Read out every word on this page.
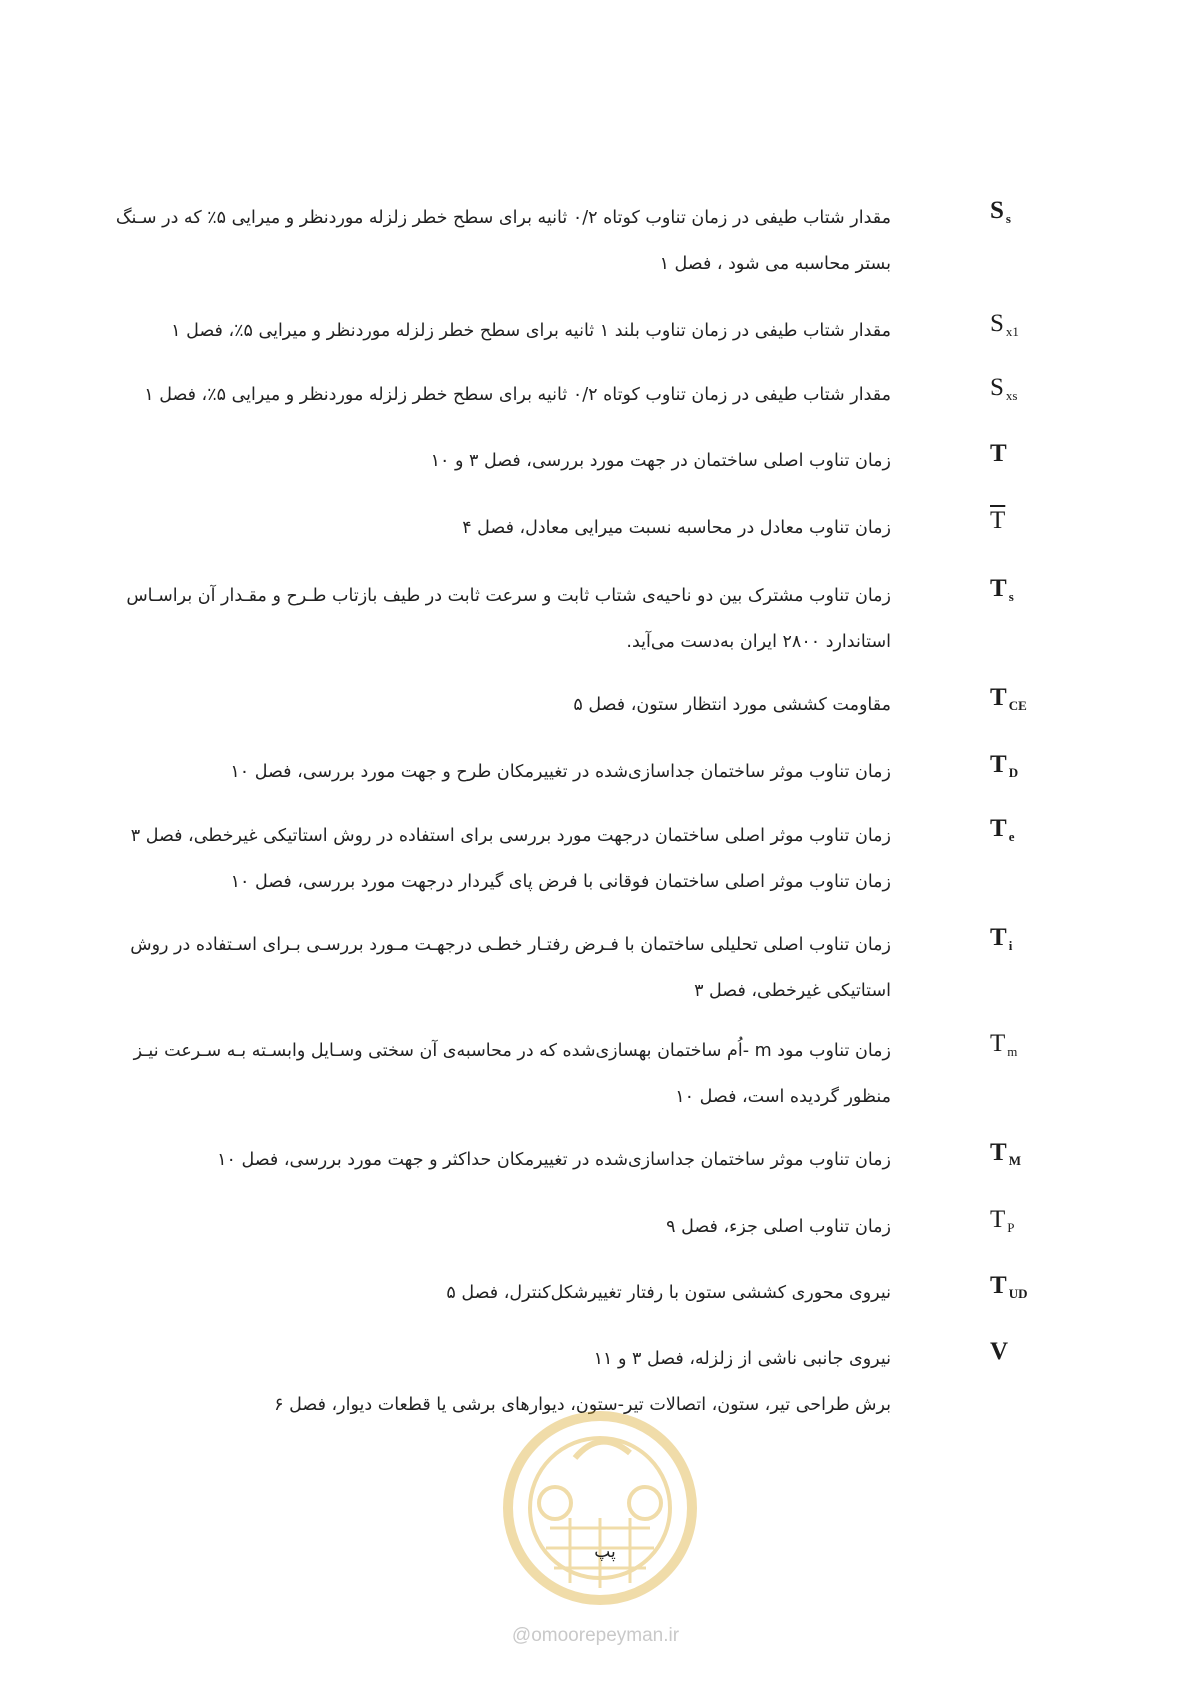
S $_s$
مقدار شتاب طیفی در زمان تناوب کوتاه ۰/۲ ثانیه برای سطح خطر زلزله موردنظر و میرایی ۵٪ که در سـنگ
بستر محاسبه می شود ، فصل ۱
S $_{x1}$
مقدار شتاب طیفی در زمان تناوب بلند ۱ ثانیه برای سطح خطر زلزله موردنظر و میرایی ۵٪، فصل ۱
S $_{xs}$
مقدار شتاب طیفی در زمان تناوب کوتاه ۰/۲ ثانیه برای سطح خطر زلزله موردنظر و میرایی ۵٪، فصل ۱
T
زمان تناوب اصلی ساختمان در جهت مورد بررسی، فصل ۳ و ۱۰
$\overline{T}$
زمان تناوب معادل در محاسبه نسبت میرایی معادل، فصل ۴
T $_s$
زمان تناوب مشترک بین دو ناحیه‌ی شتاب ثابت و سرعت ثابت در طیف بازتاب طـرح و مقـدار آن براسـاس
استاندارد ۲۸۰۰ ایران به‌دست می‌آید.
T $_{CE}$
مقاومت کششی مورد انتظار ستون، فصل ۵
T $_D$
زمان تناوب موثر ساختمان جداسازی‌شده در تغییرمکان طرح و جهت مورد بررسی، فصل ۱۰
T $_e$
زمان تناوب موثر اصلی ساختمان درجهت مورد بررسی برای استفاده در روش استاتیکی غیرخطی، فصل ۳
زمان تناوب موثر اصلی ساختمان فوقانی با فرض پای گیردار درجهت مورد بررسی، فصل ۱۰
T $_i$
زمان تناوب اصلی تحلیلی ساختمان با فـرض رفتـار خطـی درجهـت مـورد بررسـی بـرای اسـتفاده در روش
استاتیکی غیرخطی، فصل ۳
T $_m$
زمان تناوب مود m -اُم ساختمان بهسازی‌شده که در محاسبه‌ی آن سختی وسـایل وابسـته بـه سـرعت نیـز
منظور گردیده است، فصل ۱۰
T $_M$
زمان تناوب موثر ساختمان جداسازی‌شده در تغییرمکان حداکثر و جهت مورد بررسی، فصل ۱۰
T $_P$
زمان تناوب اصلی جزء، فصل ۹
T $_{UD}$
نیروی محوری کششی ستون با رفتار تغییرشکل‌کنترل، فصل ۵
V
نیروی جانبی ناشی از زلزله، فصل ۳ و ۱۱
برش طراحی تیر، ستون، اتصالات تیر-ستون، دیوارهای برشی یا قطعات دیوار، فصل ۶
پپ
@omoorepeyman.ir
